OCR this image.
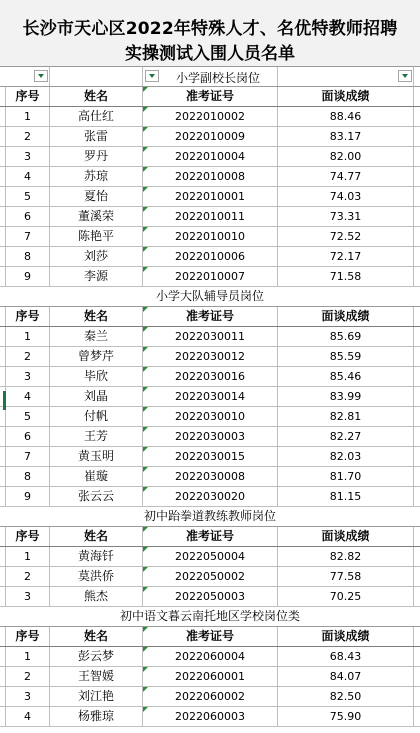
长沙市天心区2022年特殊人才、名优特教师招聘
实操测试入围人员名单
小学副校长岗位
序号	姓名	准考证号	面谈成绩
1	高仕红	2022010002	88.46
2	张雷	2022010009	83.17
3	罗丹	2022010004	82.00
4	苏琼	2022010008	74.77
5	夏怡	2022010001	74.03
6	董溪荣	2022010011	73.31
7	陈艳平	2022010010	72.52
8	刘莎	2022010006	72.17
9	李源	2022010007	71.58
小学大队辅导员岗位
序号	姓名	准考证号	面谈成绩
1	秦兰	2022030011	85.69
2	曾梦芹	2022030012	85.59
3	毕欣	2022030016	85.46
4	刘晶	2022030014	83.99
5	付帆	2022030010	82.81
6	王芳	2022030003	82.27
7	黄玉明	2022030015	82.03
8	崔璇	2022030008	81.70
9	张云云	2022030020	81.15
初中跆拳道教练教师岗位
序号	姓名	准考证号	面谈成绩
1	黄海钎	2022050004	82.82
2	莫洪侨	2022050002	77.58
3	熊杰	2022050003	70.25
初中语文暮云南托地区学校岗位类
序号	姓名	准考证号	面谈成绩
1	彭云梦	2022060004	68.43
2	王智媛	2022060001	84.07
3	刘江艳	2022060002	82.50
4	杨雅琼	2022060003	75.90
